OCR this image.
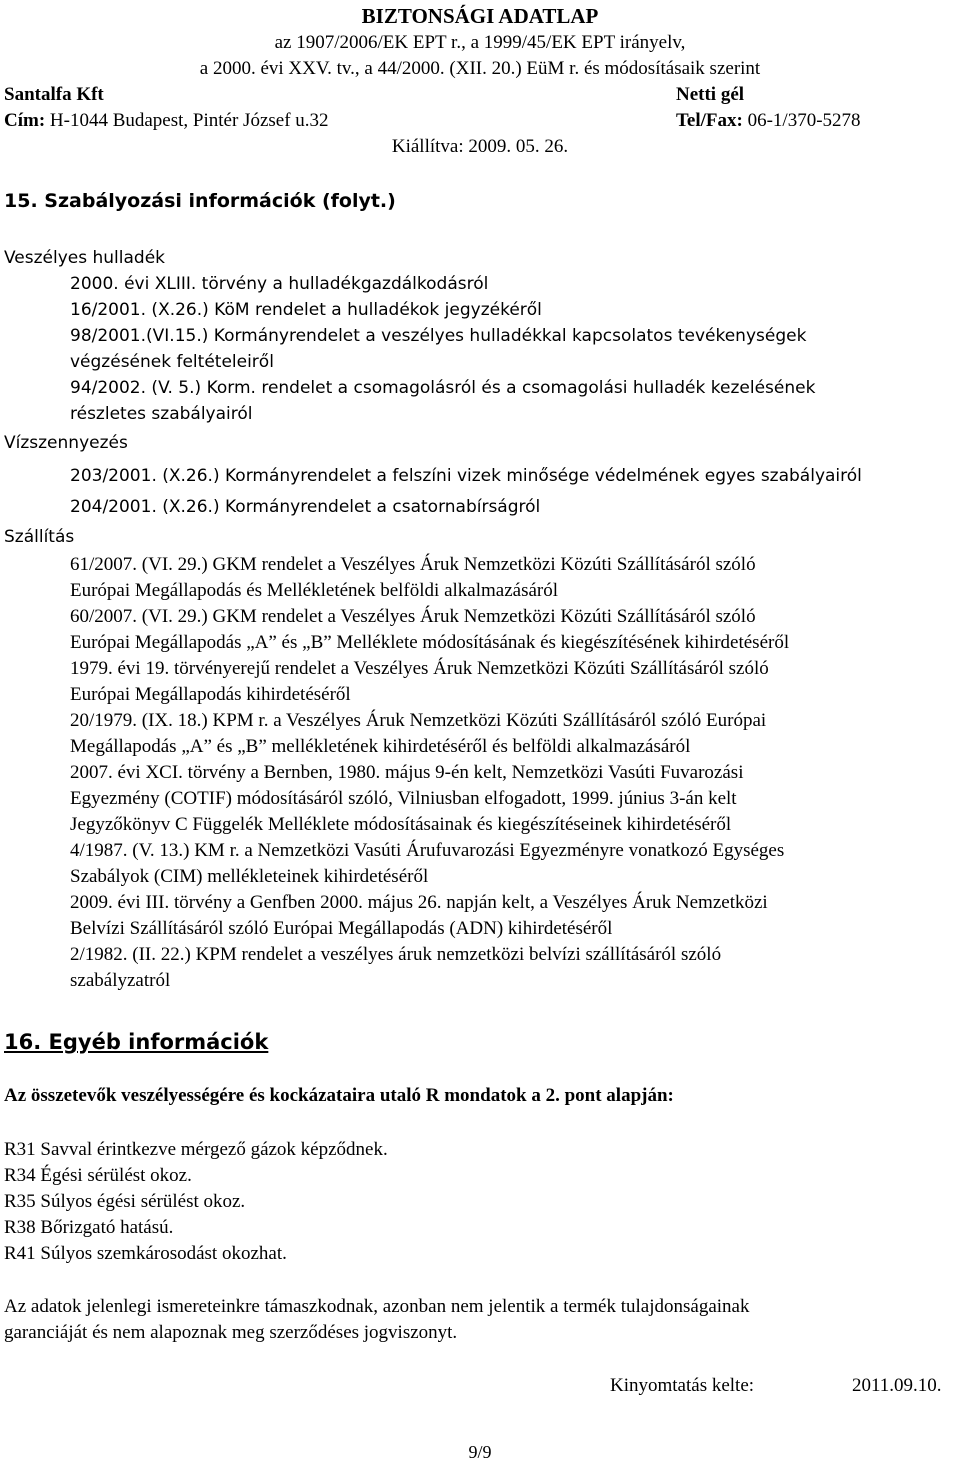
BIZTONSÁGI ADATLAP
az 1907/2006/EK EPT r., a 1999/45/EK EPT irányelv,
a 2000. évi XXV. tv., a 44/2000. (XII. 20.) EüM r. és módosításaik szerint
Santalfa Kft	Netti gél
Cím: H-1044 Budapest, Pintér József u.32	Tel/Fax: 06-1/370-5278
Kiállítva: 2009. 05. 26.
15. Szabályozási információk (folyt.)
Veszélyes hulladék
2000. évi XLIII. törvény a hulladékgazdálkodásról
16/2001. (X.26.) KöM rendelet a hulladékok jegyzékéről
98/2001.(VI.15.) Kormányrendelet a veszélyes hulladékkal kapcsolatos tevékenységek
végzésének feltételeiről
94/2002. (V. 5.) Korm. rendelet a csomagolásról és a csomagolási hulladék kezelésének
részletes szabályairól
Vízszennyezés
203/2001. (X.26.) Kormányrendelet a felszíni vizek minősége védelmének egyes szabályairól
204/2001. (X.26.) Kormányrendelet a csatornabírságról
Szállítás
61/2007. (VI. 29.) GKM rendelet a Veszélyes Áruk Nemzetközi Közúti Szállításáról szóló
Európai Megállapodás és Mellékletének belföldi alkalmazásáról
60/2007. (VI. 29.) GKM rendelet a Veszélyes Áruk Nemzetközi Közúti Szállításáról szóló
Európai Megállapodás „A” és „B” Melléklete módosításának és kiegészítésének kihirdetéséről
1979. évi 19. törvényerejű rendelet a Veszélyes Áruk Nemzetközi Közúti Szállításáról szóló
Európai Megállapodás kihirdetéséről
20/1979. (IX. 18.) KPM r. a Veszélyes Áruk Nemzetközi Közúti Szállításáról szóló Európai
Megállapodás „A” és „B” mellékletének kihirdetéséről és belföldi alkalmazásáról
2007. évi XCI. törvény a Bernben, 1980. május 9-én kelt, Nemzetközi Vasúti Fuvarozási
Egyezmény (COTIF) módosításáról szóló, Vilniusban elfogadott, 1999. június 3-án kelt
Jegyzőkönyv C Függelék Melléklete módosításainak és kiegészítéseinek kihirdetéséről
4/1987. (V. 13.) KM r. a Nemzetközi Vasúti Árufuvarozási Egyezményre vonatkozó Egységes
Szabályok (CIM) mellékleteinek kihirdetéséről
2009. évi III. törvény a Genfben 2000. május 26. napján kelt, a Veszélyes Áruk Nemzetközi
Belvízi Szállításáról szóló Európai Megállapodás (ADN) kihirdetéséről
2/1982. (II. 22.) KPM rendelet a veszélyes áruk nemzetközi belvízi szállításáról szóló
szabályzatról
16. Egyéb információk
Az összetevők veszélyességére és kockázataira utaló R mondatok a 2. pont alapján:
R31 Savval érintkezve mérgező gázok képződnek.
R34 Égési sérülést okoz.
R35 Súlyos égési sérülést okoz.
R38 Bőrizgató hatású.
R41 Súlyos szemkárosodást okozhat.
Az adatok jelenlegi ismereteinkre támaszkodnak, azonban nem jelentik a termék tulajdonságainak
garanciáját és nem alapoznak meg szerződéses jogviszonyt.
Kinyomtatás kelte:	2011.09.10.
9/9
